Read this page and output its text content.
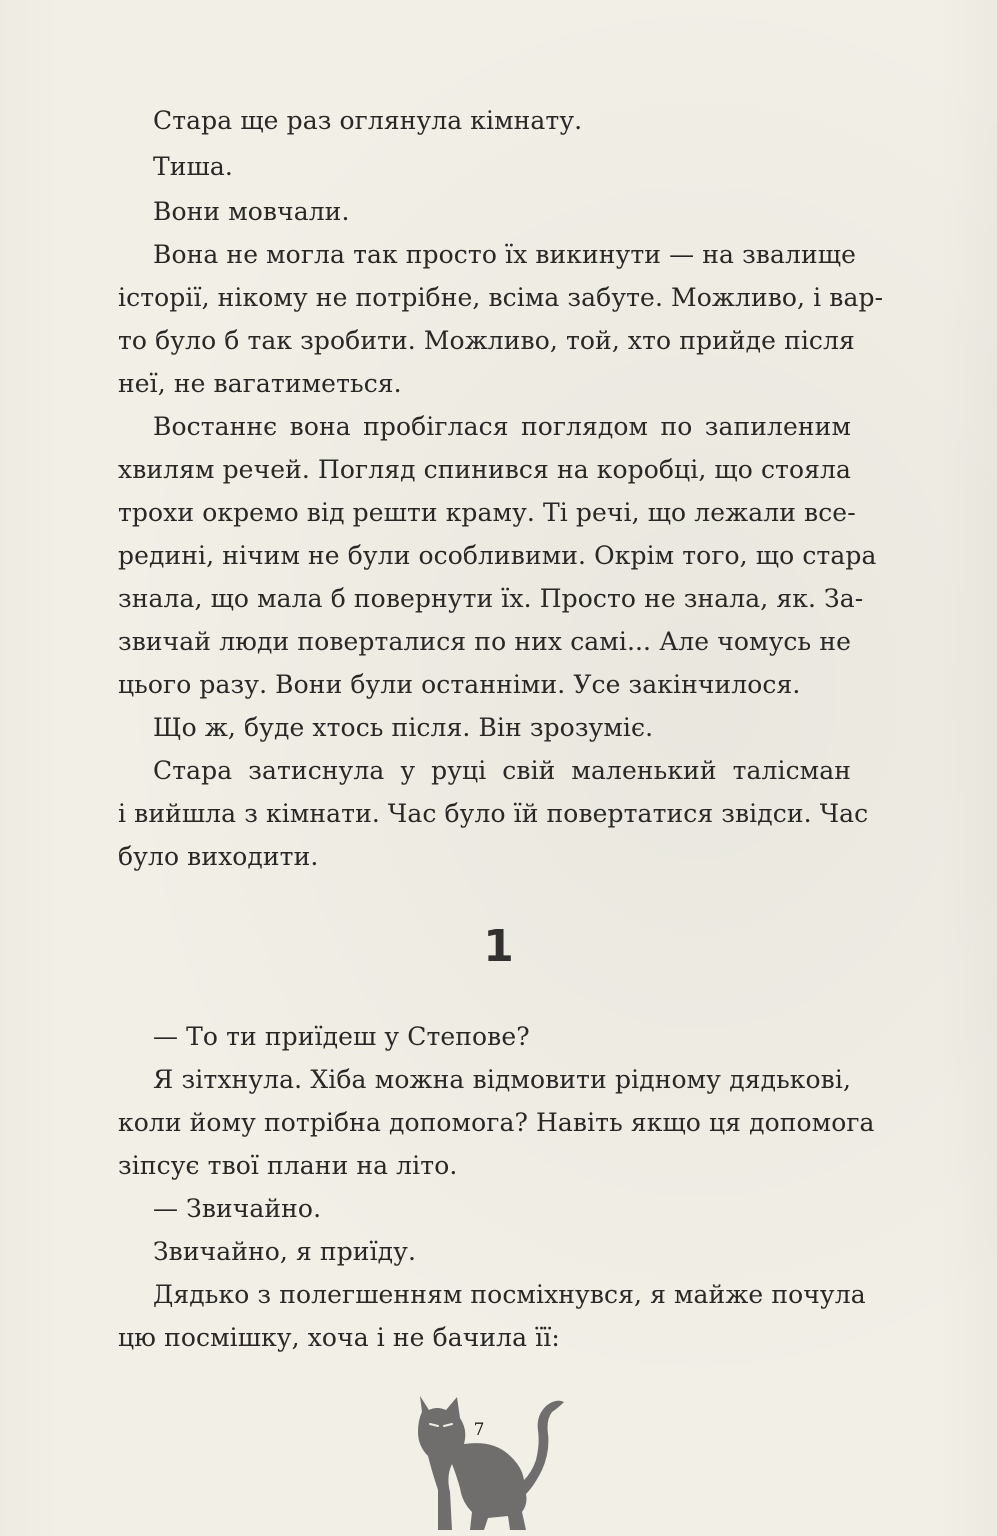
Стара ще раз оглянула кімнату.
Тиша.
Вони мовчали.
Вона не могла так просто їх викинути — на звалище
історії, нікому не потрібне, всіма забуте. Можливо, і вар-
то було б так зробити. Можливо, той, хто прийде після
неї, не вагатиметься.
Востаннє вона пробіглася поглядом по запиленим
хвилям речей. Погляд спинився на коробці, що стояла
трохи окремо від решти краму. Ті речі, що лежали все-
редині, нічим не були особливими. Окрім того, що стара
знала, що мала б повернути їх. Просто не знала, як. За-
звичай люди поверталися по них самі... Але чомусь не
цього разу. Вони були останніми. Усе закінчилося.
Що ж, буде хтось після. Він зрозуміє.
Стара затиснула у руці свій маленький талісман
і вийшла з кімнати. Час було їй повертатися звідси. Час
було виходити.
1
— То ти приїдеш у Степове?
Я зітхнула. Хіба можна відмовити рідному дядькові,
коли йому потрібна допомога? Навіть якщо ця допомога
зіпсує твої плани на літо.
— Звичайно.
Звичайно, я приїду.
Дядько з полегшенням посміхнувся, я майже почула
цю посмішку, хоча і не бачила її:
7
